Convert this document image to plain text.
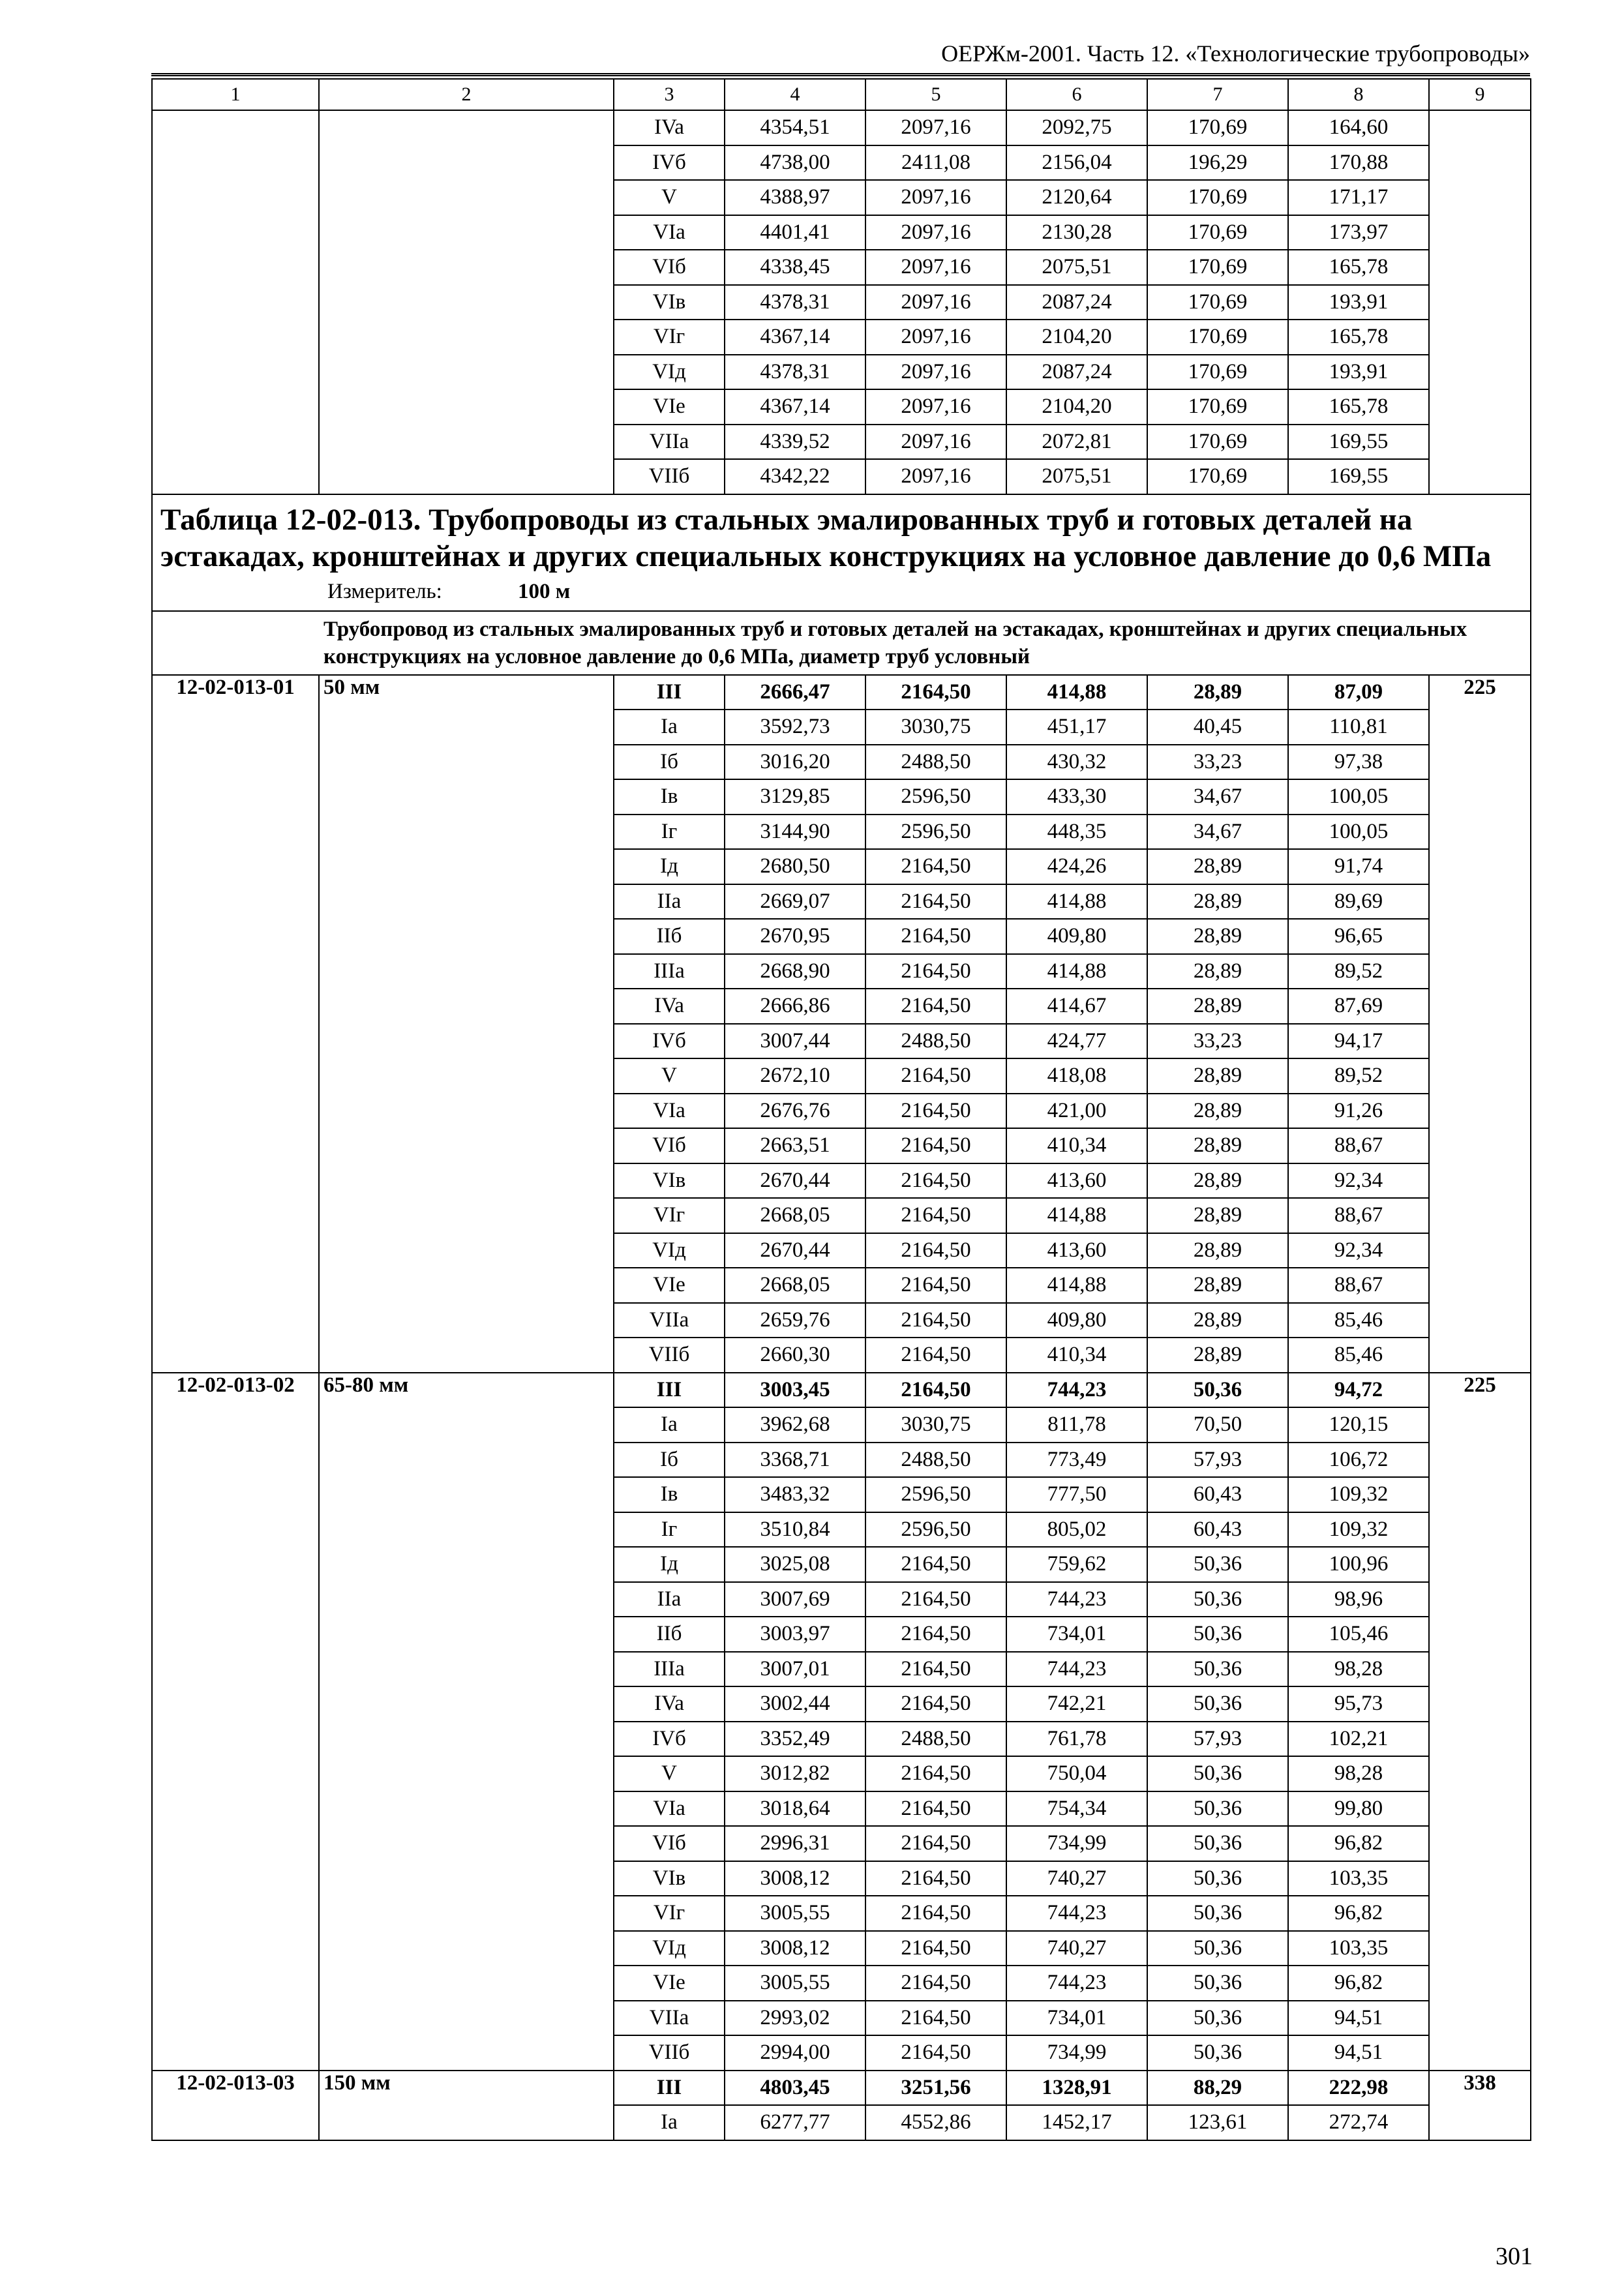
ОЕРЖм-2001. Часть 12. «Технологические трубопроводы»
1	2	3	4	5	6	7	8	9
		IVa	4354,51	2097,16	2092,75	170,69	164,60	
		IVб	4738,00	2411,08	2156,04	196,29	170,88	
		V	4388,97	2097,16	2120,64	170,69	171,17	
		VIa	4401,41	2097,16	2130,28	170,69	173,97	
		VIб	4338,45	2097,16	2075,51	170,69	165,78	
		VIв	4378,31	2097,16	2087,24	170,69	193,91	
		VIг	4367,14	2097,16	2104,20	170,69	165,78	
		VIд	4378,31	2097,16	2087,24	170,69	193,91	
		VIe	4367,14	2097,16	2104,20	170,69	165,78	
		VIIa	4339,52	2097,16	2072,81	170,69	169,55	
		VIIб	4342,22	2097,16	2075,51	170,69	169,55	

Таблица 12-02-013. Трубопроводы из стальных эмалированных труб и готовых деталей на эстакадах, кронштейнах и других специальных конструкциях на условное давление до 0,6 МПа
Измеритель: 100 м								

Трубопровод из стальных эмалированных труб и готовых деталей на эстакадах, кронштейнах и других специальных конструкциях на условное давление до 0,6 МПа, диаметр труб условный								
12-02-013-01	50 мм	III	2666,47	2164,50	414,88	28,89	87,09	225
		Ia	3592,73	3030,75	451,17	40,45	110,81	
		Iб	3016,20	2488,50	430,32	33,23	97,38	
		Iв	3129,85	2596,50	433,30	34,67	100,05	
		Iг	3144,90	2596,50	448,35	34,67	100,05	
		Iд	2680,50	2164,50	424,26	28,89	91,74	
		IIa	2669,07	2164,50	414,88	28,89	89,69	
		IIб	2670,95	2164,50	409,80	28,89	96,65	
		IIIa	2668,90	2164,50	414,88	28,89	89,52	
		IVa	2666,86	2164,50	414,67	28,89	87,69	
		IVб	3007,44	2488,50	424,77	33,23	94,17	
		V	2672,10	2164,50	418,08	28,89	89,52	
		VIa	2676,76	2164,50	421,00	28,89	91,26	
		VIб	2663,51	2164,50	410,34	28,89	88,67	
		VIв	2670,44	2164,50	413,60	28,89	92,34	
		VIг	2668,05	2164,50	414,88	28,89	88,67	
		VIд	2670,44	2164,50	413,60	28,89	92,34	
		VIe	2668,05	2164,50	414,88	28,89	88,67	
		VIIa	2659,76	2164,50	409,80	28,89	85,46	
		VIIб	2660,30	2164,50	410,34	28,89	85,46	
12-02-013-02	65-80 мм	III	3003,45	2164,50	744,23	50,36	94,72	225
		Ia	3962,68	3030,75	811,78	70,50	120,15	
		Iб	3368,71	2488,50	773,49	57,93	106,72	
		Iв	3483,32	2596,50	777,50	60,43	109,32	
		Iг	3510,84	2596,50	805,02	60,43	109,32	
		Iд	3025,08	2164,50	759,62	50,36	100,96	
		IIa	3007,69	2164,50	744,23	50,36	98,96	
		IIб	3003,97	2164,50	734,01	50,36	105,46	
		IIIa	3007,01	2164,50	744,23	50,36	98,28	
		IVa	3002,44	2164,50	742,21	50,36	95,73	
		IVб	3352,49	2488,50	761,78	57,93	102,21	
		V	3012,82	2164,50	750,04	50,36	98,28	
		VIa	3018,64	2164,50	754,34	50,36	99,80	
		VIб	2996,31	2164,50	734,99	50,36	96,82	
		VIв	3008,12	2164,50	740,27	50,36	103,35	
		VIг	3005,55	2164,50	744,23	50,36	96,82	
		VIд	3008,12	2164,50	740,27	50,36	103,35	
		VIe	3005,55	2164,50	744,23	50,36	96,82	
		VIIa	2993,02	2164,50	734,01	50,36	94,51	
		VIIб	2994,00	2164,50	734,99	50,36	94,51	
12-02-013-03	150 мм	III	4803,45	3251,56	1328,91	88,29	222,98	338
		Ia	6277,77	4552,86	1452,17	123,61	272,74	
301
